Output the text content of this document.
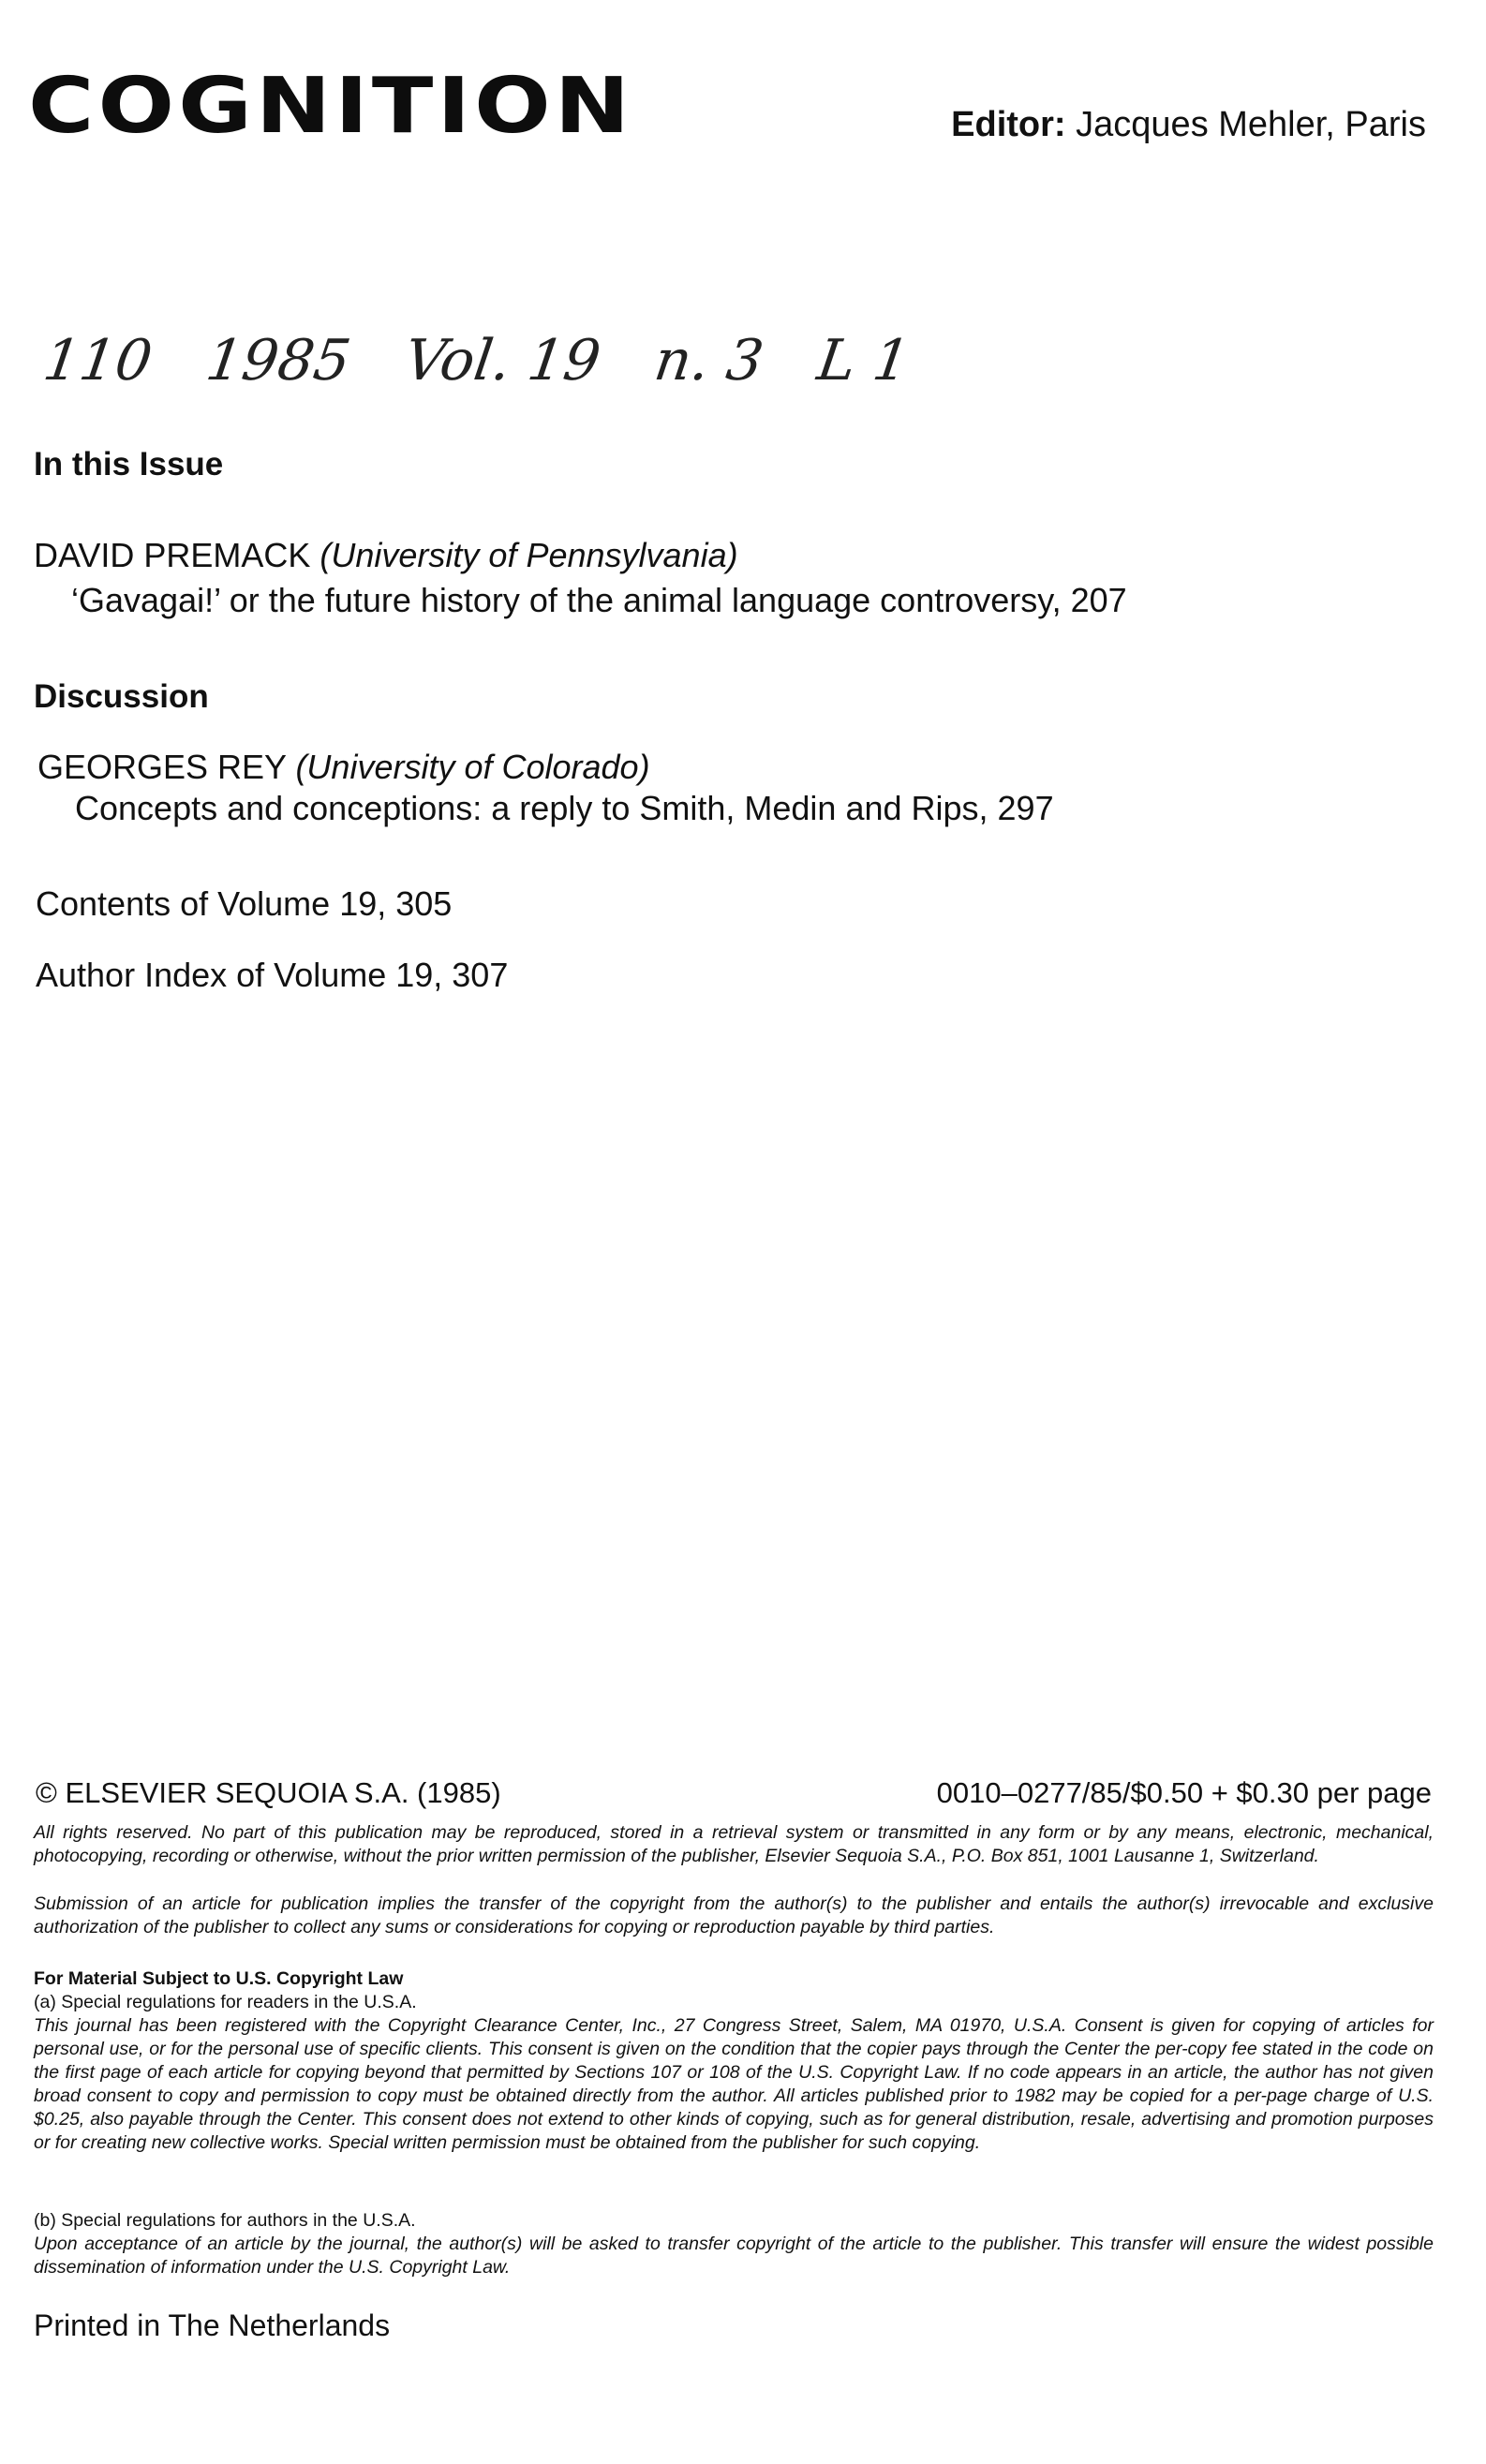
COGNITION	Editor: Jacques Mehler, Paris
110 1985 Vol. 19 n. 3 L 1
In this Issue
DAVID PREMACK (University of Pennsylvania)
‘Gavagai!’ or the future history of the animal language controversy, 207
Discussion
GEORGES REY (University of Colorado)
Concepts and conceptions: a reply to Smith, Medin and Rips, 297
Contents of Volume 19, 305
Author Index of Volume 19, 307
© ELSEVIER SEQUOIA S.A. (1985)	0010–0277/85/$0.50 + $0.30 per page
All rights reserved. No part of this publication may be reproduced, stored in a retrieval system or transmitted in any form or by any means, electronic, mechanical, photocopying, recording or otherwise, without the prior written permission of the publisher, Elsevier Sequoia S.A., P.O. Box 851, 1001 Lausanne 1, Switzerland.
Submission of an article for publication implies the transfer of the copyright from the author(s) to the publisher and entails the author(s) irrevocable and exclusive authorization of the publisher to collect any sums or considerations for copying or reproduction payable by third parties.
For Material Subject to U.S. Copyright Law
(a) Special regulations for readers in the U.S.A.
This journal has been registered with the Copyright Clearance Center, Inc., 27 Congress Street, Salem, MA 01970, U.S.A. Consent is given for copying of articles for personal use, or for the personal use of specific clients. This consent is given on the condition that the copier pays through the Center the per-copy fee stated in the code on the first page of each article for copying beyond that permitted by Sections 107 or 108 of the U.S. Copyright Law. If no code appears in an article, the author has not given broad consent to copy and permission to copy must be obtained directly from the author. All articles published prior to 1982 may be copied for a per-page charge of U.S. $0.25, also payable through the Center. This consent does not extend to other kinds of copying, such as for general distribution, resale, advertising and promotion purposes or for creating new collective works. Special written permission must be obtained from the publisher for such copying.
(b) Special regulations for authors in the U.S.A.
Upon acceptance of an article by the journal, the author(s) will be asked to transfer copyright of the article to the publisher. This transfer will ensure the widest possible dissemination of information under the U.S. Copyright Law.
Printed in The Netherlands
